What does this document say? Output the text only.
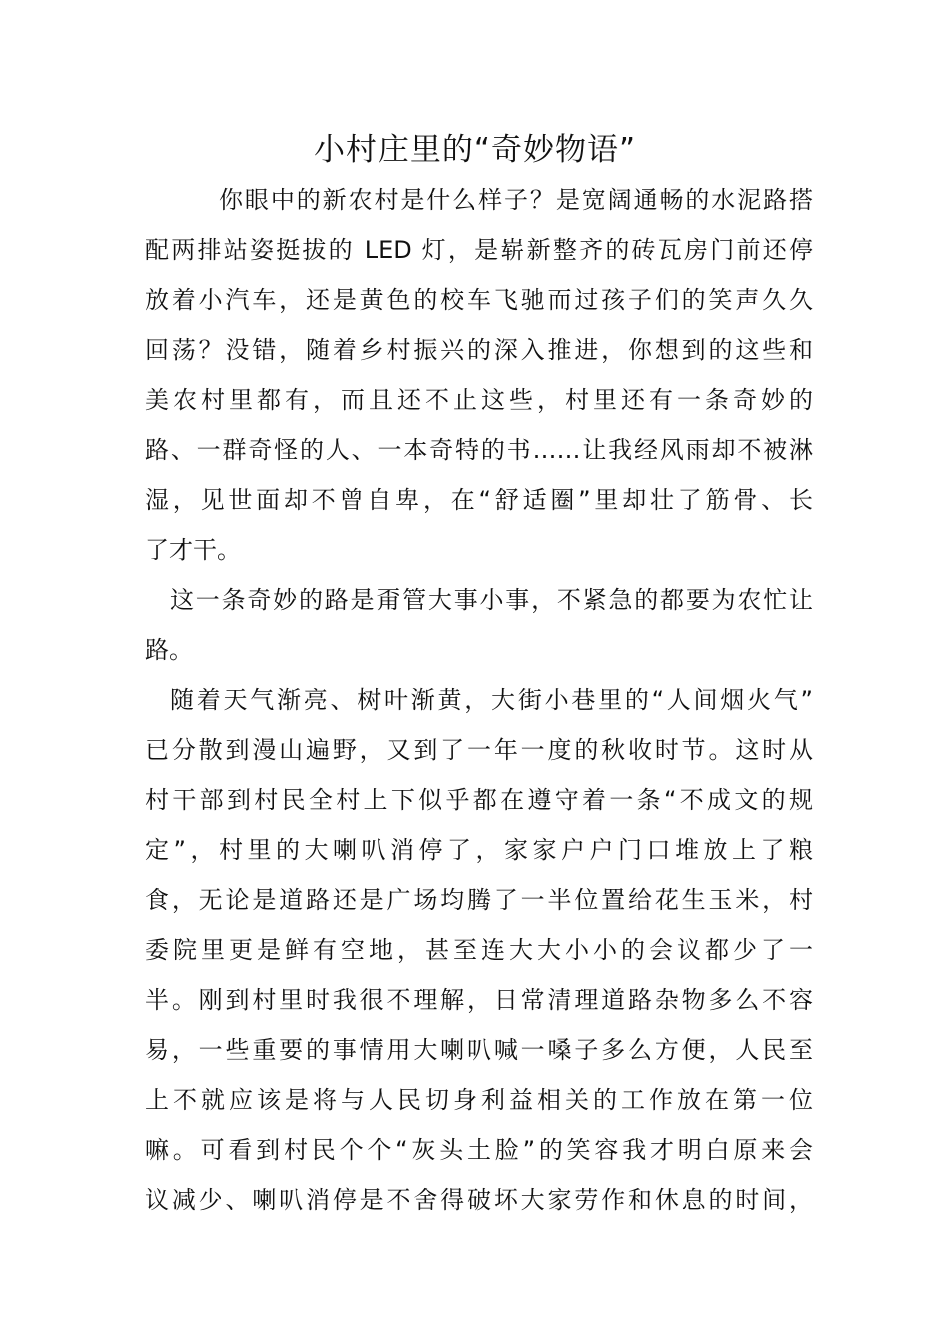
小村庄里的“奇妙物语”

你眼中的新农村是什么样子？是宽阔通畅的水泥路搭

配两排站姿挺拔的 LED 灯，是崭新整齐的砖瓦房门前还停

放着小汽车，还是黄色的校车飞驰而过孩子们的笑声久久

回荡？没错，随着乡村振兴的深入推进，你想到的这些和

美农村里都有，而且还不止这些，村里还有一条奇妙的

路、一群奇怪的人、一本奇特的书……让我经风雨却不被淋

湿，见世面却不曾自卑，在“舒适圈”里却壮了筋骨、长

了才干。

这一条奇妙的路是甭管大事小事，不紧急的都要为农忙让

路。

随着天气渐亮、树叶渐黄，大街小巷里的“人间烟火气”

已分散到漫山遍野，又到了一年一度的秋收时节。这时从

村干部到村民全村上下似乎都在遵守着一条“不成文的规

定”，村里的大喇叭消停了，家家户户门口堆放上了粮

食，无论是道路还是广场均腾了一半位置给花生玉米，村

委院里更是鲜有空地，甚至连大大小小的会议都少了一

半。刚到村里时我很不理解，日常清理道路杂物多么不容

易，一些重要的事情用大喇叭喊一嗓子多么方便，人民至

上不就应该是将与人民切身利益相关的工作放在第一位

嘛。可看到村民个个“灰头土脸”的笑容我才明白原来会

议减少、喇叭消停是不舍得破坏大家劳作和休息的时间，
